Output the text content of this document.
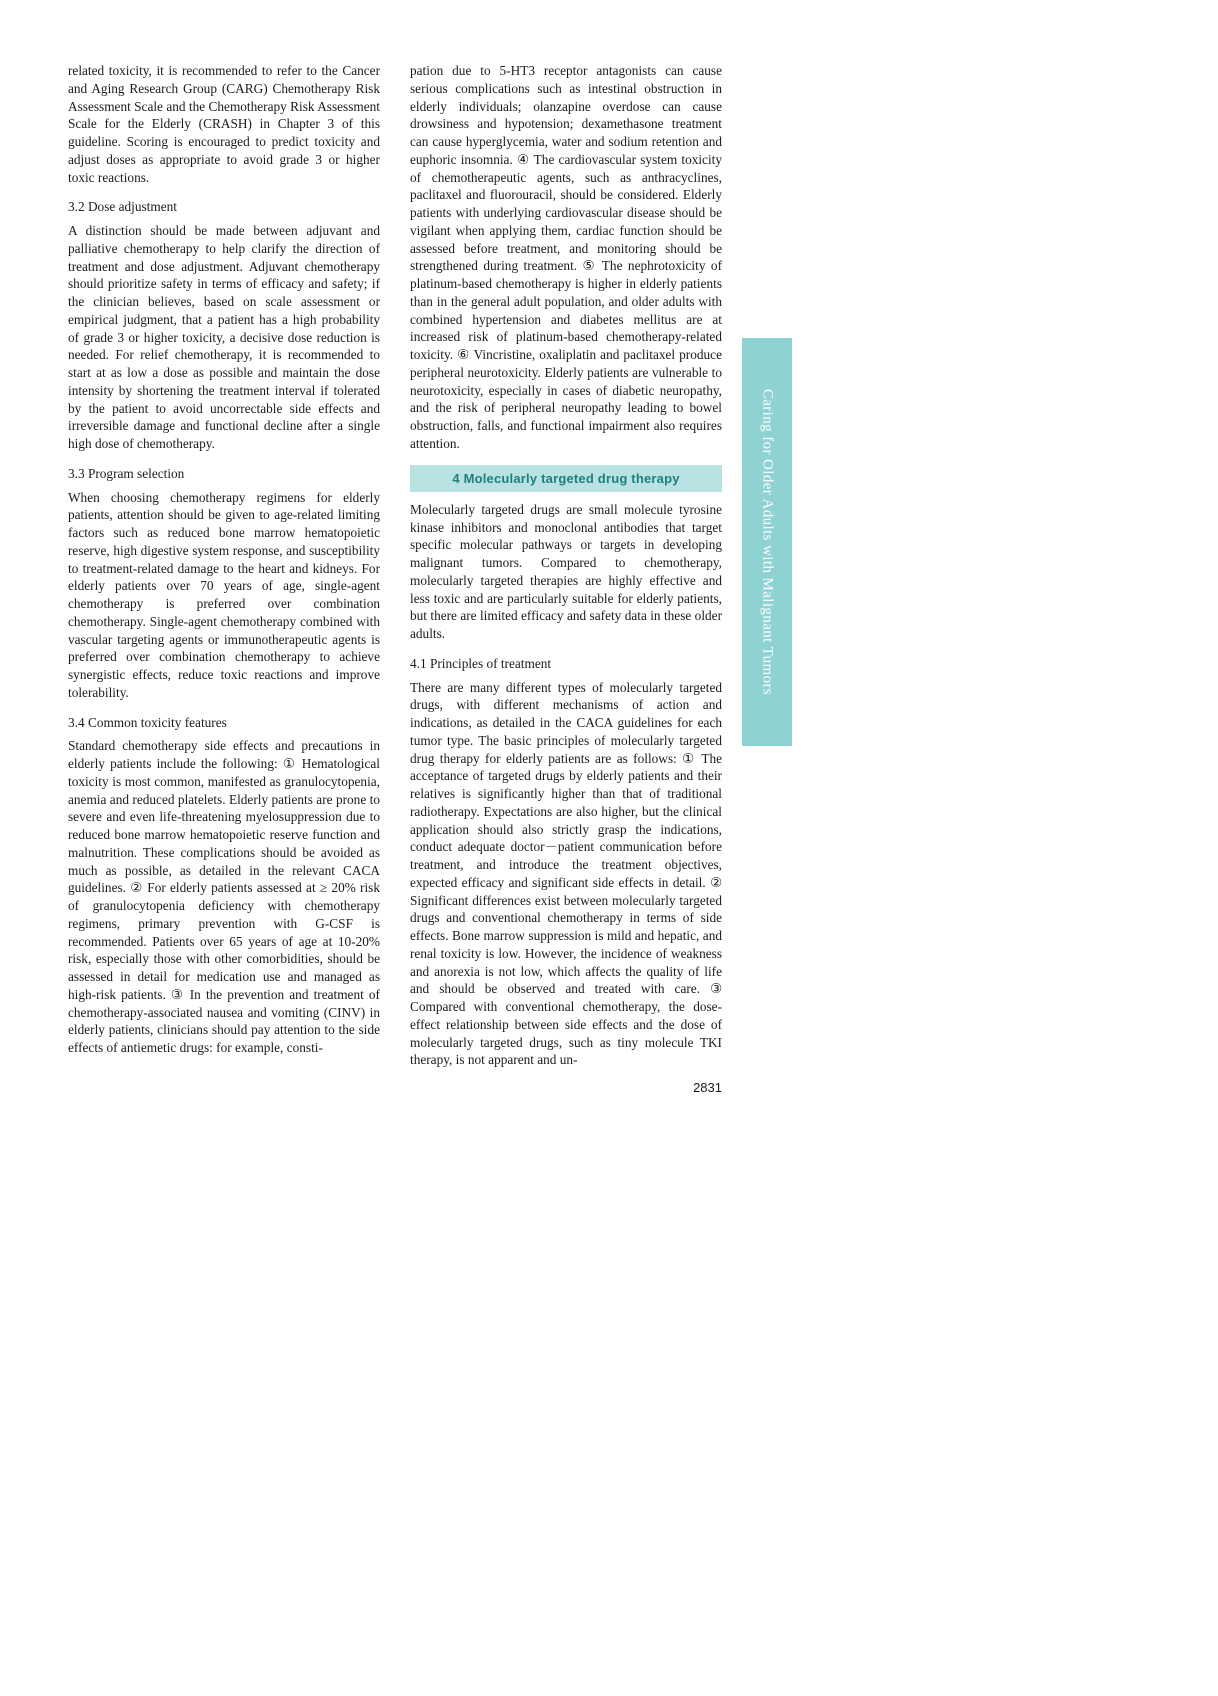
related toxicity, it is recommended to refer to the Cancer and Aging Research Group (CARG) Chemotherapy Risk Assessment Scale and the Chemotherapy Risk Assessment Scale for the Elderly (CRASH) in Chapter 3 of this guideline. Scoring is encouraged to predict toxicity and adjust doses as appropriate to avoid grade 3 or higher toxic reactions.

3.2 Dose adjustment

A distinction should be made between adjuvant and palliative chemotherapy to help clarify the direction of treatment and dose adjustment. Adjuvant chemotherapy should prioritize safety in terms of efficacy and safety; if the clinician believes, based on scale assessment or empirical judgment, that a patient has a high probability of grade 3 or higher toxicity, a decisive dose reduction is needed. For relief chemotherapy, it is recommended to start at as low a dose as possible and maintain the dose intensity by shortening the treatment interval if tolerated by the patient to avoid uncorrectable side effects and irreversible damage and functional decline after a single high dose of chemotherapy.

3.3 Program selection

When choosing chemotherapy regimens for elderly patients, attention should be given to age-related limiting factors such as reduced bone marrow hematopoietic reserve, high digestive system response, and susceptibility to treatment-related damage to the heart and kidneys. For elderly patients over 70 years of age, single-agent chemotherapy is preferred over combination chemotherapy. Single-agent chemotherapy combined with vascular targeting agents or immunotherapeutic agents is preferred over combination chemotherapy to achieve synergistic effects, reduce toxic reactions and improve tolerability.

3.4 Common toxicity features

Standard chemotherapy side effects and precautions in elderly patients include the following: ① Hematological toxicity is most common, manifested as granulocytopenia, anemia and reduced platelets. Elderly patients are prone to severe and even life-threatening myelosuppression due to reduced bone marrow hematopoietic reserve function and malnutrition. These complications should be avoided as much as possible, as detailed in the relevant CACA guidelines. ② For elderly patients assessed at ≥ 20% risk of granulocytopenia deficiency with chemotherapy regimens, primary prevention with G-CSF is recommended. Patients over 65 years of age at 10-20% risk, especially those with other comorbidities, should be assessed in detail for medication use and managed as high-risk patients. ③ In the prevention and treatment of chemotherapy-associated nausea and vomiting (CINV) in elderly patients, clinicians should pay attention to the side effects of antiemetic drugs: for example, consti-

pation due to 5-HT3 receptor antagonists can cause serious complications such as intestinal obstruction in elderly individuals; olanzapine overdose can cause drowsiness and hypotension; dexamethasone treatment can cause hyperglycemia, water and sodium retention and euphoric insomnia. ④ The cardiovascular system toxicity of chemotherapeutic agents, such as anthracyclines, paclitaxel and fluorouracil, should be considered. Elderly patients with underlying cardiovascular disease should be vigilant when applying them, cardiac function should be assessed before treatment, and monitoring should be strengthened during treatment. ⑤ The nephrotoxicity of platinum-based chemotherapy is higher in elderly patients than in the general adult population, and older adults with combined hypertension and diabetes mellitus are at increased risk of platinum-based chemotherapy-related toxicity. ⑥ Vincristine, oxaliplatin and paclitaxel produce peripheral neurotoxicity. Elderly patients are vulnerable to neurotoxicity, especially in cases of diabetic neuropathy, and the risk of peripheral neuropathy leading to bowel obstruction, falls, and functional impairment also requires attention.

4 Molecularly targeted drug therapy

Molecularly targeted drugs are small molecule tyrosine kinase inhibitors and monoclonal antibodies that target specific molecular pathways or targets in developing malignant tumors. Compared to chemotherapy, molecularly targeted therapies are highly effective and less toxic and are particularly suitable for elderly patients, but there are limited efficacy and safety data in these older adults.

4.1 Principles of treatment

There are many different types of molecularly targeted drugs, with different mechanisms of action and indications, as detailed in the CACA guidelines for each tumor type. The basic principles of molecularly targeted drug therapy for elderly patients are as follows: ① The acceptance of targeted drugs by elderly patients and their relatives is significantly higher than that of traditional radiotherapy. Expectations are also higher, but the clinical application should also strictly grasp the indications, conduct adequate doctor－patient communication before treatment, and introduce the treatment objectives, expected efficacy and significant side effects in detail. ② Significant differences exist between molecularly targeted drugs and conventional chemotherapy in terms of side effects. Bone marrow suppression is mild and hepatic, and renal toxicity is low. However, the incidence of weakness and anorexia is not low, which affects the quality of life and should be observed and treated with care. ③ Compared with conventional chemotherapy, the dose-effect relationship between side effects and the dose of molecularly targeted drugs, such as tiny molecule TKI therapy, is not apparent and un-

Caring for Older Adults with Malignant Tumors
2831
